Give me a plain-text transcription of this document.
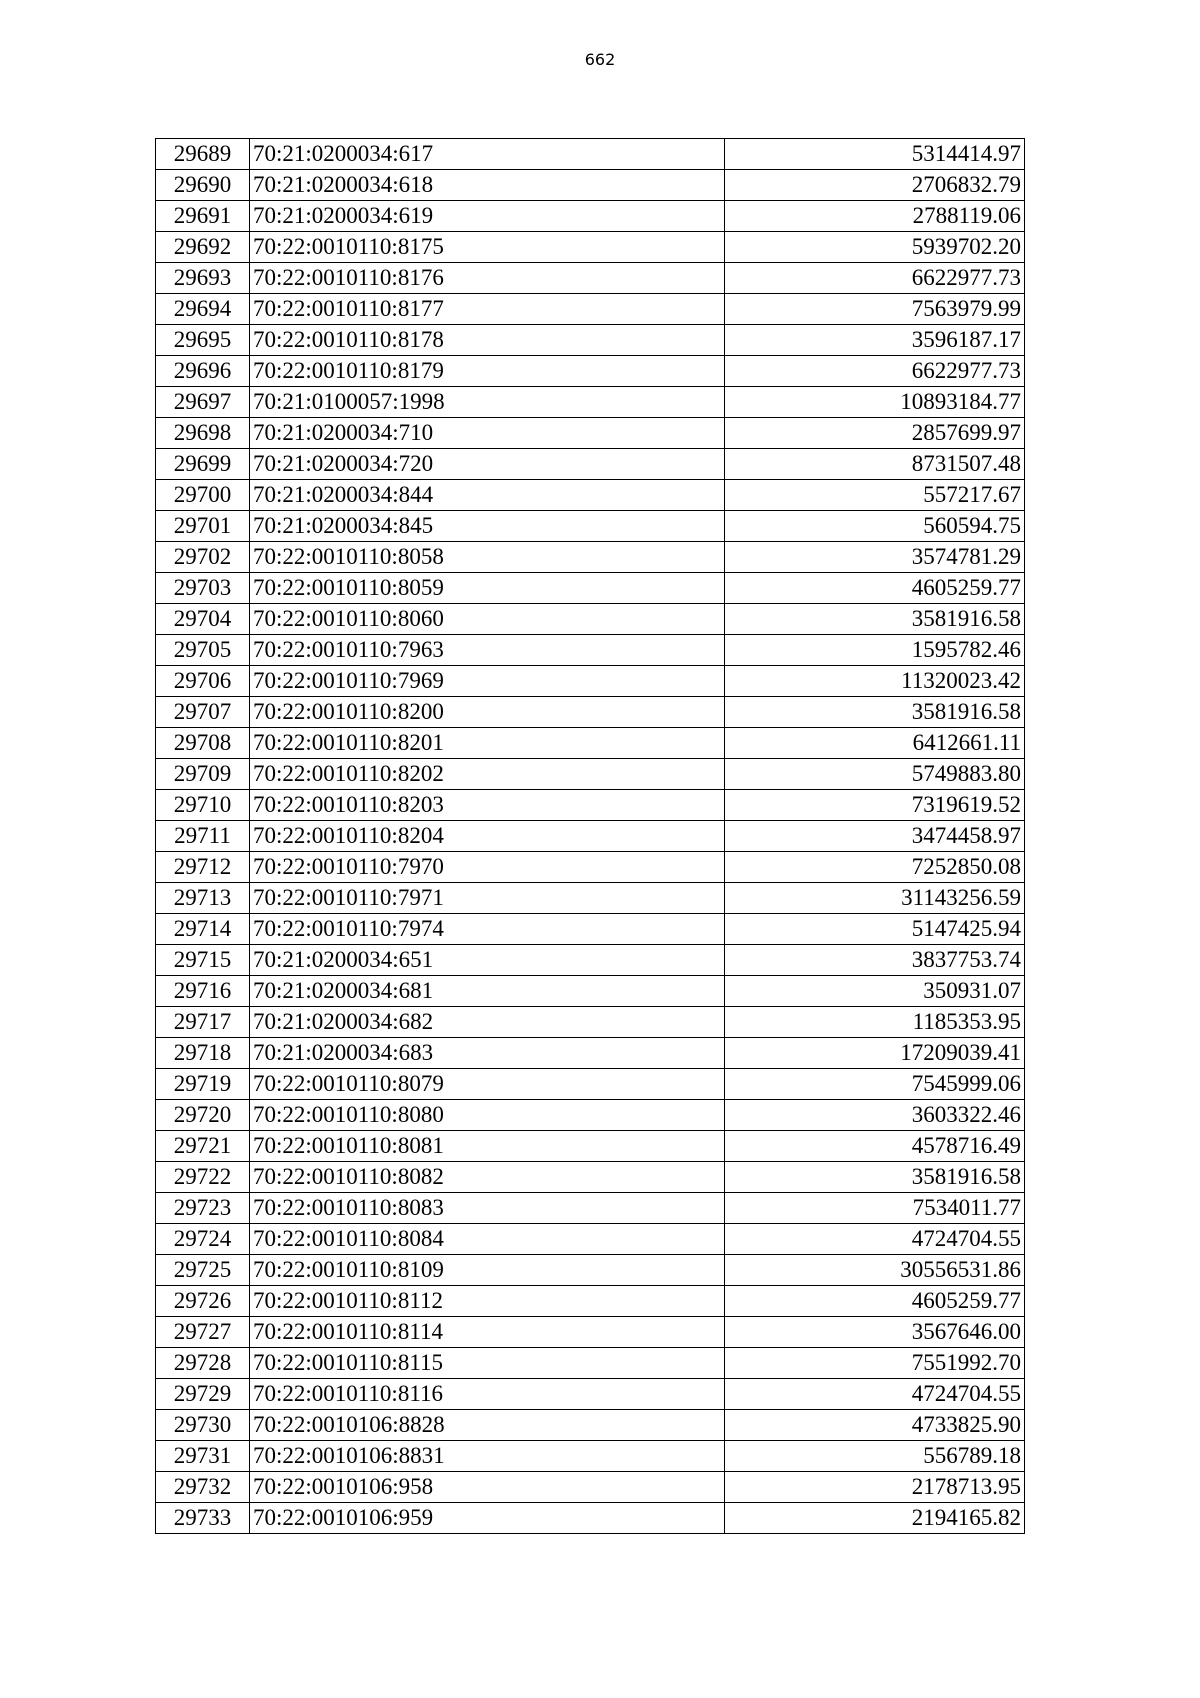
662
29689	70:21:0200034:617	5314414.97
29690	70:21:0200034:618	2706832.79
29691	70:21:0200034:619	2788119.06
29692	70:22:0010110:8175	5939702.20
29693	70:22:0010110:8176	6622977.73
29694	70:22:0010110:8177	7563979.99
29695	70:22:0010110:8178	3596187.17
29696	70:22:0010110:8179	6622977.73
29697	70:21:0100057:1998	10893184.77
29698	70:21:0200034:710	2857699.97
29699	70:21:0200034:720	8731507.48
29700	70:21:0200034:844	557217.67
29701	70:21:0200034:845	560594.75
29702	70:22:0010110:8058	3574781.29
29703	70:22:0010110:8059	4605259.77
29704	70:22:0010110:8060	3581916.58
29705	70:22:0010110:7963	1595782.46
29706	70:22:0010110:7969	11320023.42
29707	70:22:0010110:8200	3581916.58
29708	70:22:0010110:8201	6412661.11
29709	70:22:0010110:8202	5749883.80
29710	70:22:0010110:8203	7319619.52
29711	70:22:0010110:8204	3474458.97
29712	70:22:0010110:7970	7252850.08
29713	70:22:0010110:7971	31143256.59
29714	70:22:0010110:7974	5147425.94
29715	70:21:0200034:651	3837753.74
29716	70:21:0200034:681	350931.07
29717	70:21:0200034:682	1185353.95
29718	70:21:0200034:683	17209039.41
29719	70:22:0010110:8079	7545999.06
29720	70:22:0010110:8080	3603322.46
29721	70:22:0010110:8081	4578716.49
29722	70:22:0010110:8082	3581916.58
29723	70:22:0010110:8083	7534011.77
29724	70:22:0010110:8084	4724704.55
29725	70:22:0010110:8109	30556531.86
29726	70:22:0010110:8112	4605259.77
29727	70:22:0010110:8114	3567646.00
29728	70:22:0010110:8115	7551992.70
29729	70:22:0010110:8116	4724704.55
29730	70:22:0010106:8828	4733825.90
29731	70:22:0010106:8831	556789.18
29732	70:22:0010106:958	2178713.95
29733	70:22:0010106:959	2194165.82
